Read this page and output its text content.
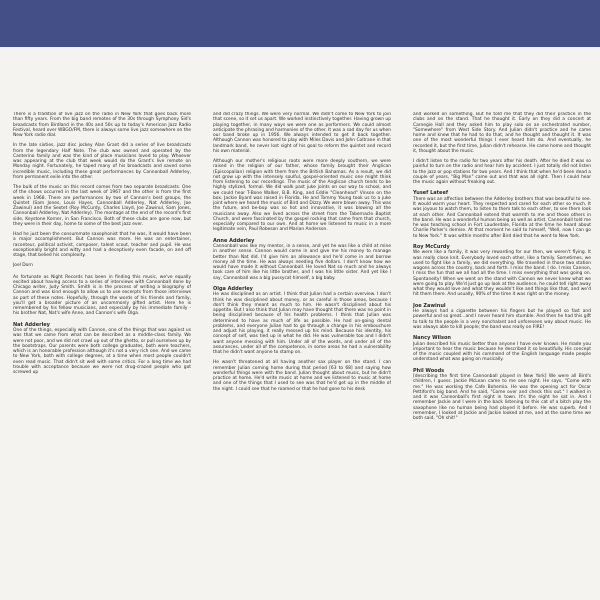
There is a tradition of live jazz on the radio in New York that goes back more than fifty years. From the big band remotes of the 30s through Symphony Sid's broadcasts from Birdland in the 40s and 50s up to today's American Jazz Radio Festival, heard over WBGO/FM, there is always some live jazz somewhere on the New York radio dial.

In the late sixties, jazz disc jockey Alan Grant did a series of live broadcasts from the legendary Half Note. The club was owned and operated by the Canterino family and was the kind of place musicians loved to play. Whoever was appearing at the club that week would do the Grant's live remote on Monday night. Fortunately, he taped many of his broadcasts and saved some incredible music, including these great performances by Cannonball Adderley, from permanent exile into the other.

The bulk of the music on this record comes from two separate broadcasts. One of the shows occurred in the last week of 1967 and the other is from the first week in 1968. There are performances by two of Cannon's best groups, the Quintet (Sam Jones, Louis Hayes, Cannonball Adderley, Nat Adderley, Joe Zawinul) and the Sextet (Roy McCurdy, Charles Lloyd, Joe Zawinul, Sam Jones, Cannonball Adderley, Nat Adderley). The montage at the end of the record's first side, Keystone Korner, in San Francisco. Both of these clubs are gone now, but they were in their day, home to some of the best jazz ever.

Had he just been the consummate saxophonist that he was, it would have been a major accomplishment. But Cannon was more. He was an entertainer, raconteur, political activist, composer, talent scout, teacher and pupil. He was exceptionally bright and witty and had a deceptively even facade, on and off stage, that belied his complexity.

Joel Dorn

As fortunate as Night Records has been in finding this music, we've equally excited about having access to a series of interviews with Cannonball done by Chicago writer, Judy Smith. Smith is in the process of writing a biography of Cannon and was kind enough to allow us to use excerpts from those interviews as part of these notes. Hopefully, through the words of his friends and family, you'll get a broader picture of an uncommonly gifted artist. Here he is remembered by his fellow musicians, and especially by his immediate family - his brother Nat, Nat's wife Anne, and Cannon's wife Olga.

Nat Adderley

One of the things, especially with Cannon, one of the things that was against us was that we came from what can be described as a middle-class family. We were not poor, and we did not crawl up out of the ghetto, or pull ourselves up by the bootstraps. Our parents were both college graduates, both were teachers, which is an honorable profession although it's not a very rich one. And we came to New York, both with college degrees, at a time when most people couldn't even read music. That didn't sit well with some critics. For a long time we had trouble with acceptance because we were not drug-crazed people who got screwed up

and did crazy things. We were very normal. We didn't come to New York to join that scene, so it set us apart. We worked instinctively together. Having grown up playing together, in many ways we were one as performers. We could almost anticipate the phrasing and harmonies of the other. It was a sad day for us when our band broke up in 1956. We always intended to get it back together. Although Cannon was honored to play with Miles Davis and John Coltrane in that landmark band, he never lost sight of his goal to reform the quintet and record his own material.

Although our mother's religious roots were more deeply southern, we were raised in the religion of our father, whose family brought their Anglican (Episcopalian) religion with them from the British Bahamas. As a result, we did not grow up with the intensely soulful, gospel-oriented music one might think from listening to our recordings. The music of the Anglican church tends to be highly stylized, formal. We did walk past juke joints on our way to school, and we could hear T-Bone Walker, B.B. King, and Eddie "Cleanhead" Vinson on the box. Jackie Byard was raised in Florida. He and Tommy Young took us to a juke joint where we heard the music of Bird and Dizzy. We were blown away. This was the future, and be-bop was so hot and innovative, it was blowing all the musicians away. Also we lived across the street from the Tabernacle Baptist Church, and were fascinated by the gospel rocking that came from that church, especially compared to our own. And at home we listened to music in a more legitimate vein, Paul Robeson and Marian Anderson.

Anne Adderley

Cannonball was like my mentor, in a sense, and yet he was like a child at mine in another sense. Cannon would come in and give me his money to manage better than Nat did. I'd give him an allowance and he'd come in and borrow money all the time. He was always needing five dollars. I don't know how we would have made it without Cannonball. He loved Nat so much and he always took care of him like his little brother, and I was his little sister. And yet like I say, Cannonball was a big pussycat himself, a big baby.

Olga Adderley

He was disciplined as an artist. I think that Julian had a certain overview. I don't think he was disciplined about money, or as careful in those areas, because I don't think they meant as much to him. He wasn't disciplined about his appetite. But I also think that Julian may have thought that there was no point in being disciplined because of his health problems. I think that Julian was determined to have as much of life as possible. He had on-going dental problems, and everyone Julian had to go through a change in his embouchure and adjust his playing, it really messed up his mind. Because his identity, his concept of self, was tied up in what he did. He was vulnerable too and I didn't want anyone messing with him. Under all of the words, and under all of the assurances, under all of the competence, in some areas he had a vulnerability that he didn't want anyone to stamp on.

He wasn't threatened at all having another sax player on the stand. I can remember Julian coming home during that period [63 to 68] and saying how wonderful things were with the band. Julian thought about music, but he didn't practice at home. He'd write music at home and we listened to music at home and one of the things that I used to see was that he'd get up in the middle of the night. I could see that he roamed or that he had gone to his desk

and worked on something. But he told me that they did their practice in the clubs and on the stand. That he thought it. Early on they did a concert at Carnegie Hall and they asked him to play solo on an orchestrated number, "Somewhere" from West Side Story. And Julian didn't practice and he came home and knew that he had to do that, and he thought and thought it. It was one of the most wonderful things I ever heard him do. And eventually, he recorded it, but the first time, Julian didn't rehearse. He came home and thought it, thought about the music.

I didn't listen to the radio for two years after his death. After he died it was so painful to turn on the radio and hear him by accident. I just totally did not listen to the jazz or pop stations for two years. And I think that when he'd been dead a couple of years, "Big Man" came out and that was all right. Then I could hear the music again without freaking out.

Yusef Lateef

There was an affection between the Adderley brothers that was beautiful to see. It would warm your heart. They respected and cared for each other so much. It was joyous to watch them, to listen to them talk to each other, to see them look at each other. And Cannonball extend that warmth to me and those others in the band. He was a wonderful human being as well as artist. Cannonball told me he was teaching school in Fort Lauderdale, Florida at the time he heard about Charlie Parker's demise. At that moment he said to himself, "Well, now I can go to New York." It was within months after Bird died that he went to New York.

Roy McCurdy

We were like a family, it was very rewarding for our then, we weren't flying. It was really close knit. Everybody loved each other, like a family. Sometimes, we used to fight like a family, we did everything. We travelled in those two station wagons across the country, back and forth. I miss the band. I do. I miss Cannon, I miss the fun that we all had all the time. I miss everything that was going on. Spontaneity! When we went on the stand with Cannon we never knew what we were going to play. We'd just go up look at the audience, he could tell right away what they would love and what they wouldn't like and things like that, and we'd hit them there. And usually, 90% of the time it was right on the money.

Joe Zawinul

He always had a cigarette between his fingers but he played so fast and powerful and so great...and I never heard him stumble. And then he had this gift to talk to the people in a very nonchalant and unforeseen way about music. He was always able to kill people; the band was really on FIRE!

Nancy Wilson

Julian described his music better than anyone I have ever known. He made you important to hear the music because he described it so beautifully. His concept of the music coupled with his command of the English language made people understand what was going on musically.

Phil Woods

[describing the first time Cannonball played in New York] We were all Bird's children, I guess. Jackie McLean came to me one night. He says, "Come with me." He was working the Cafe Bohemia. He was the opening act for Oscar Pettiford's big band. And he said, "Come over and check this out." I walked in and it was Cannonball's first night in town. It's the night he sat in. And I remember Jackie and I were in the back listening to this cat of a bitch play the saxophone like no human being had played it before. He was superb. And I remember, I looked at Jackie and Jackie looked at me, and at the same time we both said, "Oh shit!"
